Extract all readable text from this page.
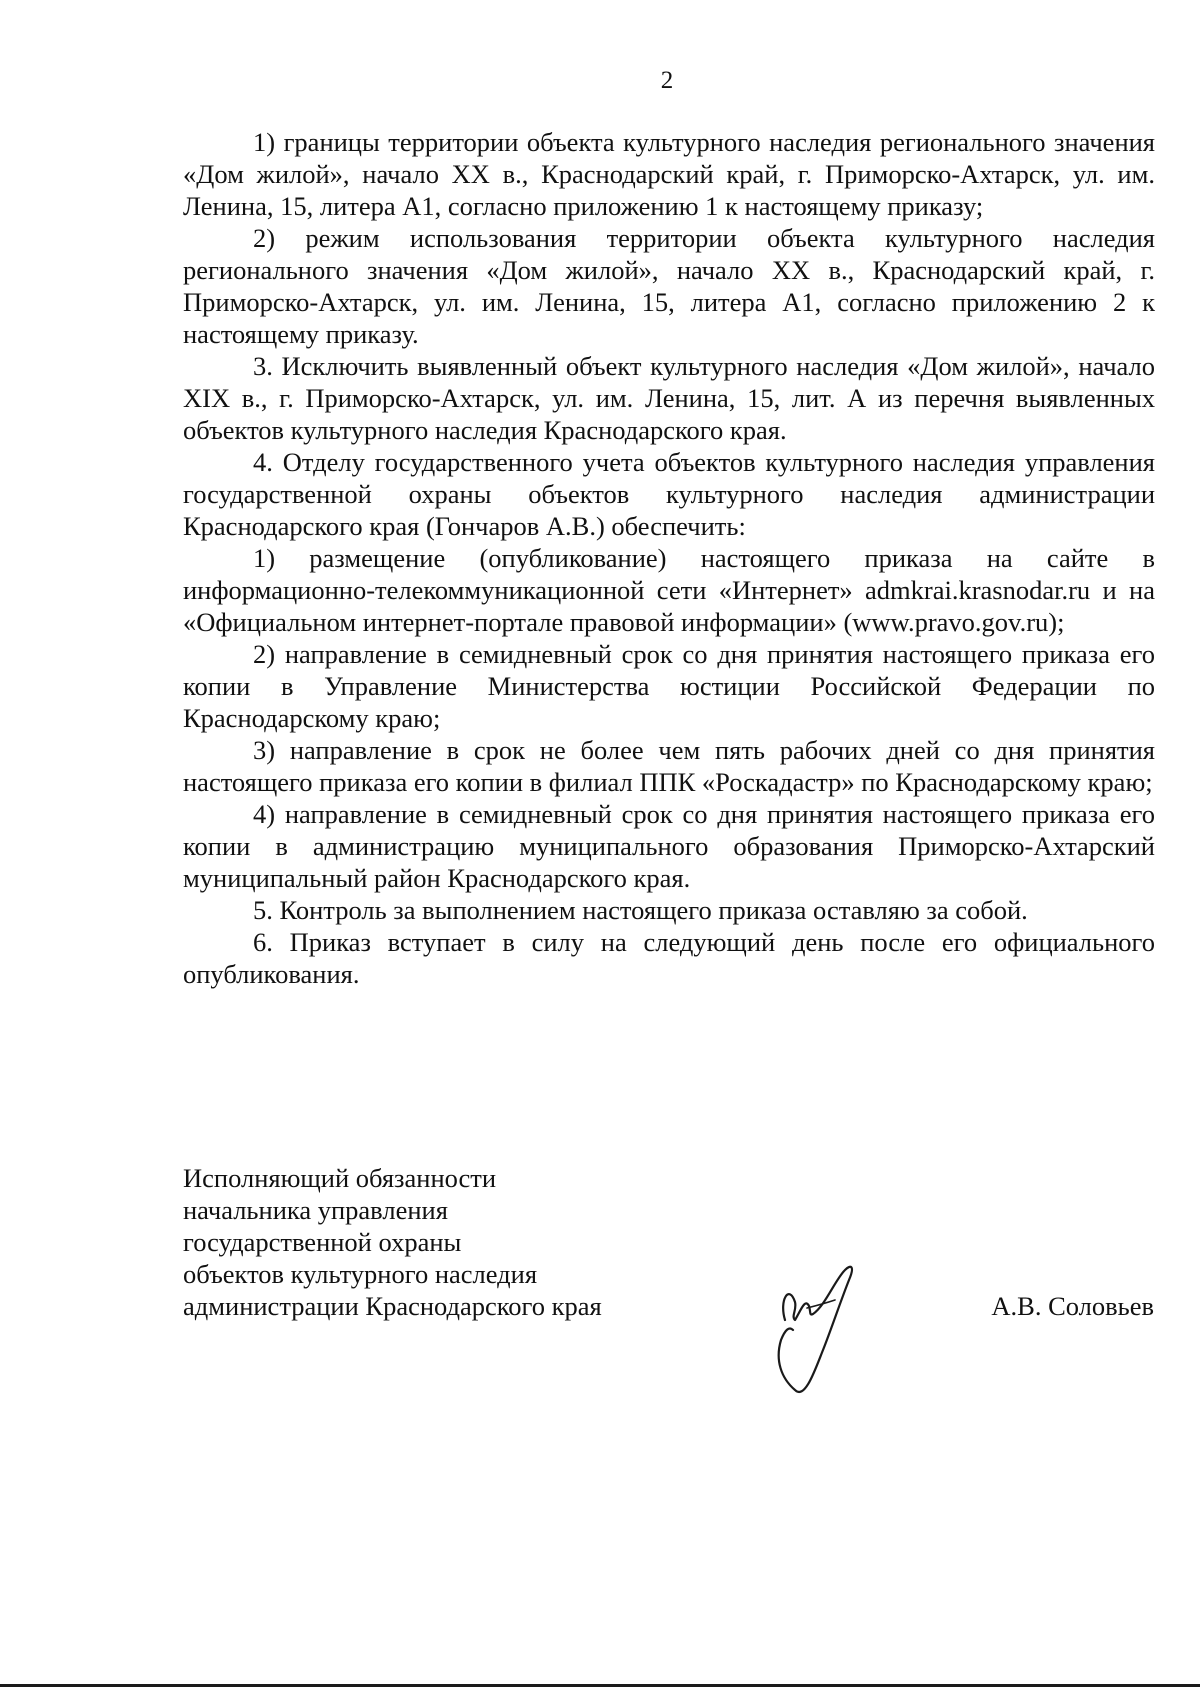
2

1) границы территории объекта культурного наследия регионального значения «Дом жилой», начало XX в., Краснодарский край, г. Приморско-Ахтарск, ул. им. Ленина, 15, литера А1, согласно приложению 1 к настоящему приказу;

2) режим использования территории объекта культурного наследия регионального значения «Дом жилой», начало XX в., Краснодарский край, г. Приморско-Ахтарск, ул. им. Ленина, 15, литера А1, согласно приложению 2 к настоящему приказу.

3. Исключить выявленный объект культурного наследия «Дом жилой», начало XIX в., г. Приморско-Ахтарск, ул. им. Ленина, 15, лит. А из перечня выявленных объектов культурного наследия Краснодарского края.

4. Отделу государственного учета объектов культурного наследия управления государственной охраны объектов культурного наследия администрации Краснодарского края (Гончаров А.В.) обеспечить:

1) размещение (опубликование) настоящего приказа на сайте в информационно-телекоммуникационной сети «Интернет» admkrai.krasnodar.ru и на «Официальном интернет-портале правовой информации» (www.pravo.gov.ru);

2) направление в семидневный срок со дня принятия настоящего приказа его копии в Управление Министерства юстиции Российской Федерации по Краснодарскому краю;

3) направление в срок не более чем пять рабочих дней со дня принятия настоящего приказа его копии в филиал ППК «Роскадастр» по Краснодарскому краю;

4) направление в семидневный срок со дня принятия настоящего приказа его копии в администрацию муниципального образования Приморско-Ахтарский муниципальный район Краснодарского края.

5. Контроль за выполнением настоящего приказа оставляю за собой.

6. Приказ вступает в силу на следующий день после его официального опубликования.

Исполняющий обязанности
начальника управления
государственной охраны
объектов культурного наследия
администрации Краснодарского края	А.В. Соловьев
